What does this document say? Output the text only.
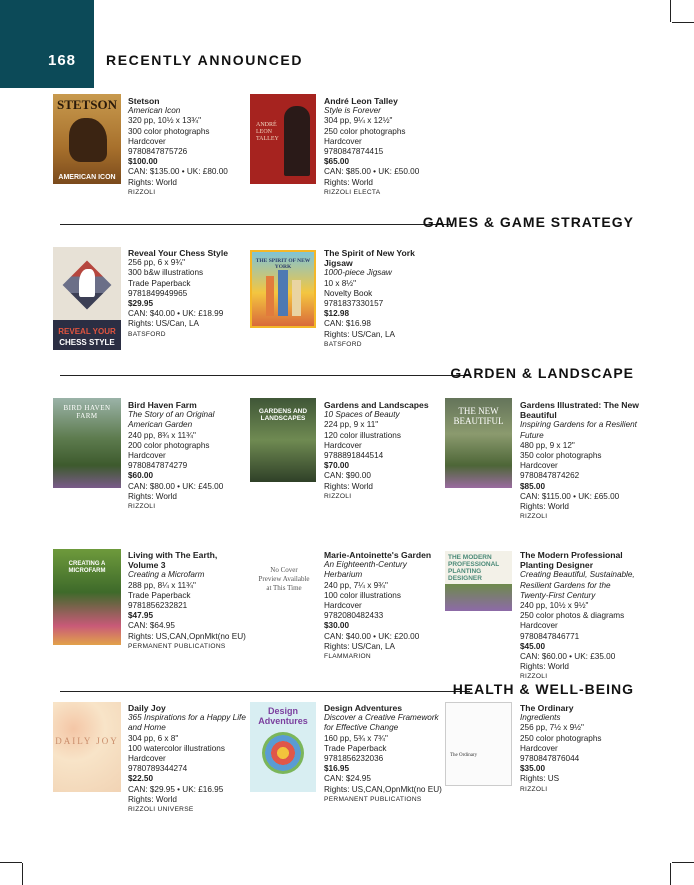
168 RECENTLY ANNOUNCED
GAMES & GAME STRATEGY
GARDEN & LANDSCAPE
HEALTH & WELL-BEING
STETSON
AMERICAN ICON
Stetson
American Icon
320 pp, 10½ x 13¾"
300 color photographs
Hardcover
9780847875726
$100.00
CAN: $135.00 • UK: £80.00
Rights: World
RIZZOLI
ANDRÉ LEON TALLEY
André Leon Talley
Style is Forever
304 pp, 9¼ x 12½"
250 color photographs
Hardcover
9780847874415
$65.00
CAN: $85.00 • UK: £50.00
Rights: World
RIZZOLI ELECTA
REVEAL YOUR
CHESS STYLE
Reveal Your Chess Style
256 pp, 6 x 9¾"
300 b&w illustrations
Trade Paperback
9781849949965
$29.95
CAN: $40.00 • UK: £18.99
Rights: US/Can, LA
BATSFORD
THE SPIRIT OF NEW YORK
The Spirit of New York Jigsaw
1000-piece Jigsaw
10 x 8½"
Novelty Book
9781837330157
$12.98
CAN: $16.98
Rights: US/Can, LA
BATSFORD
BIRD HAVEN FARM
Bird Haven Farm
The Story of an Original American Garden
240 pp, 8¾ x 11¾"
200 color photographs
Hardcover
9780847874279
$60.00
CAN: $80.00 • UK: £45.00
Rights: World
RIZZOLI
GARDENS AND LANDSCAPES
Gardens and Landscapes
10 Spaces of Beauty
224 pp, 9 x 11"
120 color illustrations
Hardcover
9788891844514
$70.00
CAN: $90.00
Rights: World
RIZZOLI
THE NEW BEAUTIFUL
Gardens Illustrated: The New Beautiful
Inspiring Gardens for a Resilient Future
480 pp, 9 x 12"
350 color photographs
Hardcover
9780847874262
$85.00
CAN: $115.00 • UK: £65.00
Rights: World
RIZZOLI
CREATING A MICROFARM
Living with The Earth, Volume 3
Creating a Microfarm
288 pp, 8¼ x 11¾"
Trade Paperback
9781856232821
$47.95
CAN: $64.95
Rights: US,CAN,OpnMkt(no EU)
PERMANENT PUBLICATIONS
No Cover Preview Available at This Time
Marie-Antoinette's Garden
An Eighteenth-Century Herbarium
240 pp, 7¼ x 9¾"
100 color illustrations
Hardcover
9782080482433
$30.00
CAN: $40.00 • UK: £20.00
Rights: US/Can, LA
FLAMMARION
THE MODERN PROFESSIONAL PLANTING DESIGNER
The Modern Professional Planting Designer
Creating Beautiful, Sustainable, Resilient Gardens for the Twenty-First Century
240 pp, 10½ x 9½"
250 color photos & diagrams
Hardcover
9780847846771
$45.00
CAN: $60.00 • UK: £35.00
Rights: World
RIZZOLI
DAILY JOY
Daily Joy
365 Inspirations for a Happy Life and Home
304 pp, 6 x 8"
100 watercolor illustrations
Hardcover
9780789344274
$22.50
CAN: $29.95 • UK: £16.95
Rights: World
RIZZOLI UNIVERSE
Design Adventures
Design Adventures
Discover a Creative Framework for Effective Change
160 pp, 5¾ x 7¾"
Trade Paperback
9781856232036
$16.95
CAN: $24.95
Rights: US,CAN,OpnMkt(no EU)
PERMANENT PUBLICATIONS
The Ordinary
The Ordinary
Ingredients
256 pp, 7½ x 9½"
250 color photographs
Hardcover
9780847876044
$35.00
Rights: US
RIZZOLI
